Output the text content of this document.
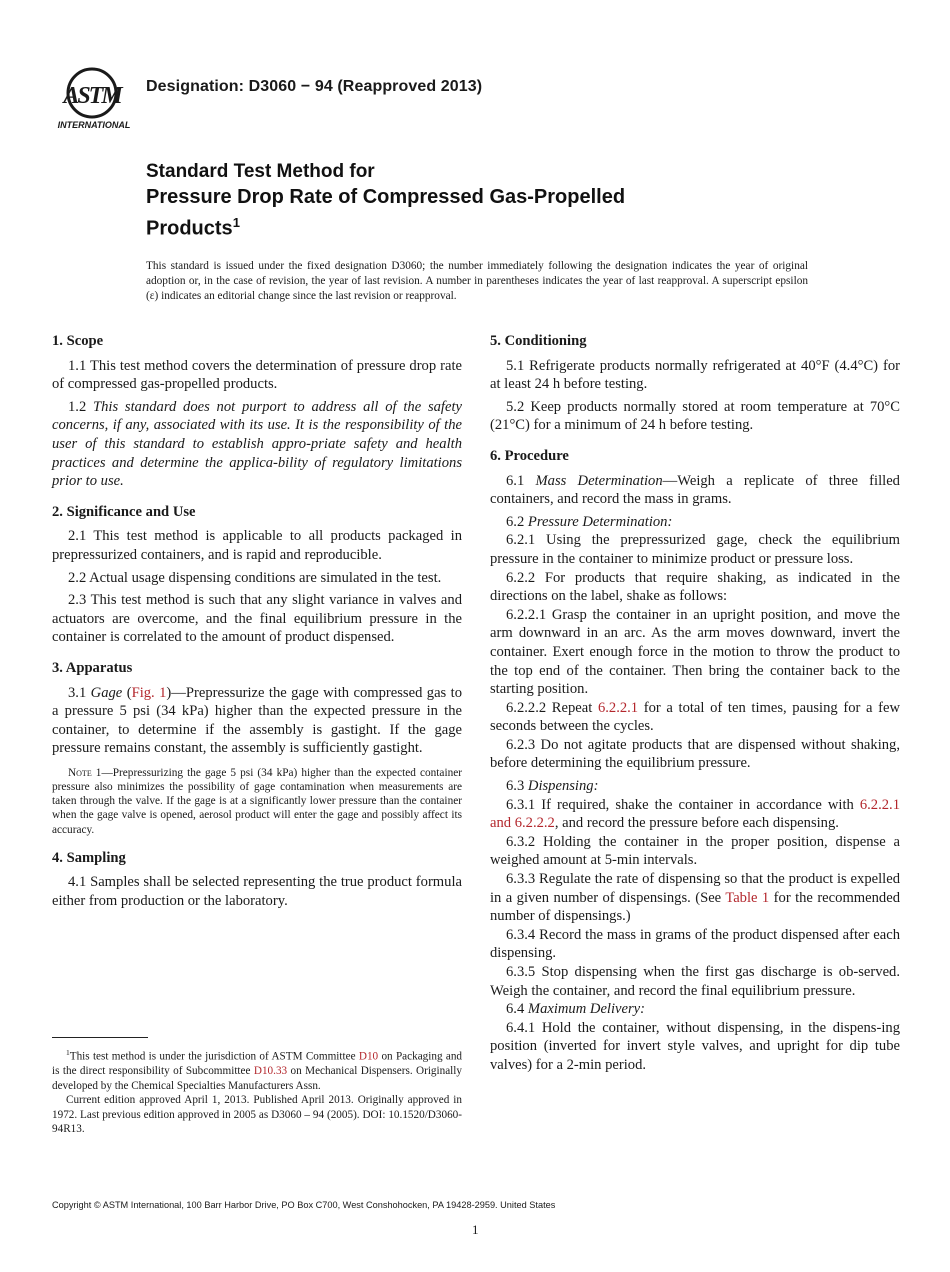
ASTM
INTERNATIONAL
Designation: D3060 − 94 (Reapproved 2013)
Standard Test Method for
Pressure Drop Rate of Compressed Gas-Propelled
Products$^1$
This standard is issued under the fixed designation D3060; the number immediately following the designation indicates the year of original adoption or, in the case of revision, the year of last revision. A number in parentheses indicates the year of last reapproval. A superscript epsilon (ε) indicates an editorial change since the last revision or reapproval.
1. Scope

1.1 This test method covers the determination of pressure drop rate of compressed gas-propelled products.

1.2 This standard does not purport to address all of the safety concerns, if any, associated with its use. It is the responsibility of the user of this standard to establish appro-priate safety and health practices and determine the applica-bility of regulatory limitations prior to use.

2. Significance and Use

2.1 This test method is applicable to all products packaged in prepressurized containers, and is rapid and reproducible.

2.2 Actual usage dispensing conditions are simulated in the test.

2.3 This test method is such that any slight variance in valves and actuators are overcome, and the final equilibrium pressure in the container is correlated to the amount of product dispensed.

3. Apparatus

3.1 Gage (Fig. 1)—Prepressurize the gage with compressed gas to a pressure 5 psi (34 kPa) higher than the expected pressure in the container, to determine if the assembly is gastight. If the gage pressure remains constant, the assembly is sufficiently gastight.

Note 1—Prepressurizing the gage 5 psi (34 kPa) higher than the expected container pressure also minimizes the possibility of gage contamination when measurements are taken through the valve. If the gage is at a significantly lower pressure than the container when the gage valve is opened, aerosol product will enter the gage and possibly affect its accuracy.

4. Sampling

4.1 Samples shall be selected representing the true product formula either from production or the laboratory.

5. Conditioning

5.1 Refrigerate products normally refrigerated at 40°F (4.4°C) for at least 24 h before testing.

5.2 Keep products normally stored at room temperature at 70°C (21°C) for a minimum of 24 h before testing.

6. Procedure

6.1 Mass Determination—Weigh a replicate of three filled containers, and record the mass in grams.

6.2 Pressure Determination:

6.2.1 Using the prepressurized gage, check the equilibrium pressure in the container to minimize product or pressure loss.

6.2.2 For products that require shaking, as indicated in the directions on the label, shake as follows:

6.2.2.1 Grasp the container in an upright position, and move the arm downward in an arc. As the arm moves downward, invert the container. Exert enough force in the motion to throw the product to the top end of the container. Then bring the container back to the starting position.

6.2.2.2 Repeat 6.2.2.1 for a total of ten times, pausing for a few seconds between the cycles.

6.2.3 Do not agitate products that are dispensed without shaking, before determining the equilibrium pressure.

6.3 Dispensing:

6.3.1 If required, shake the container in accordance with 6.2.2.1 and 6.2.2.2, and record the pressure before each dispensing.

6.3.2 Holding the container in the proper position, dispense a weighed amount at 5-min intervals.

6.3.3 Regulate the rate of dispensing so that the product is expelled in a given number of dispensings. (See Table 1 for the recommended number of dispensings.)

6.3.4 Record the mass in grams of the product dispensed after each dispensing.

6.3.5 Stop dispensing when the first gas discharge is ob-served. Weigh the container, and record the final equilibrium pressure.

6.4 Maximum Delivery:

6.4.1 Hold the container, without dispensing, in the dispens-ing position (inverted for invert style valves, and upright for dip tube valves) for a 2-min period.

$^1$This test method is under the jurisdiction of ASTM Committee D10 on Packaging and is the direct responsibility of Subcommittee D10.33 on Mechanical Dispensers. Originally developed by the Chemical Specialties Manufacturers Assn.

Current edition approved April 1, 2013. Published April 2013. Originally approved in 1972. Last previous edition approved in 2005 as D3060 – 94 (2005). DOI: 10.1520/D3060-94R13.

Copyright © ASTM International, 100 Barr Harbor Drive, PO Box C700, West Conshohocken, PA 19428-2959. United States
1
